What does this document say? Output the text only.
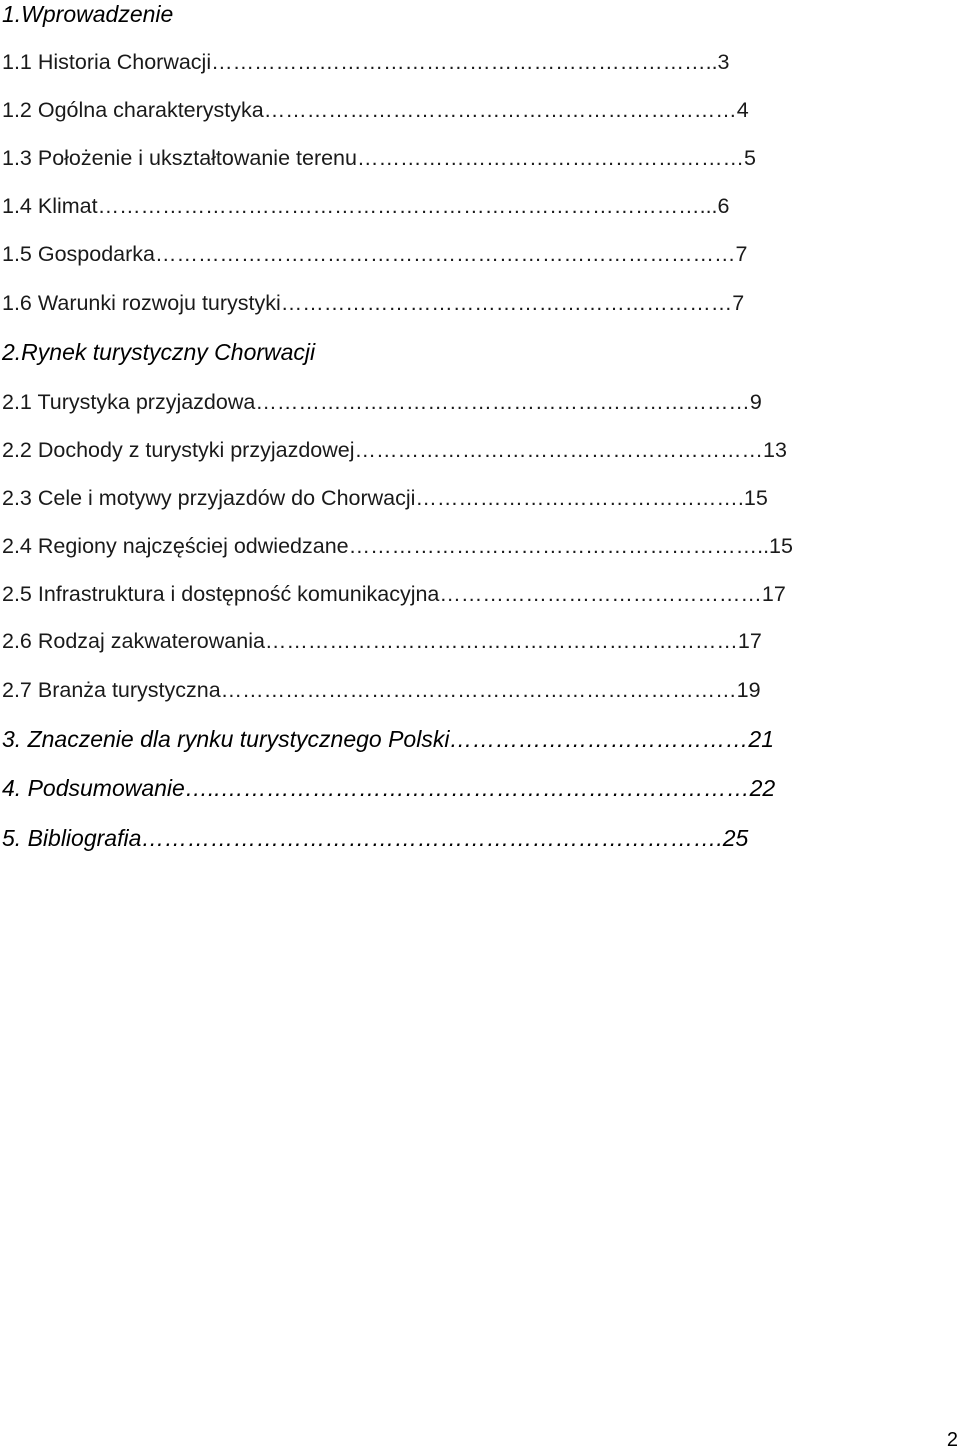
1.Wprowadzenie
1.1 Historia Chorwacji……………………………………………………………..3
1.2 Ogólna charakterystyka…………………………………………………………4
1.3 Położenie i ukształtowanie terenu………………………………………………5
1.4 Klimat…………………………………………………………………………...6
1.5 Gospodarka………………………………………………………………………7
1.6 Warunki rozwoju turystyki………………………………………………………7
2.Rynek turystyczny Chorwacji
2.1 Turystyka przyjazdowa……………………………………………………………9
2.2 Dochody z turystyki przyjazdowej…………………………………………………13
2.3 Cele i motywy przyjazdów do Chorwacji……………………………………….15
2.4 Regiony najczęściej odwiedzane…………………………………………………..15
2.5 Infrastruktura i dostępność komunikacyjna………………………………………17
2.6 Rodzaj zakwaterowania…………………………………………………………17
2.7 Branża turystyczna………………………………………………………………19
3. Znaczenie dla rynku turystycznego Polski…………………………………21
4. Podsumowanie…..……………………………………………………………22
5. Bibliografia………………………………………………………………….25
2
